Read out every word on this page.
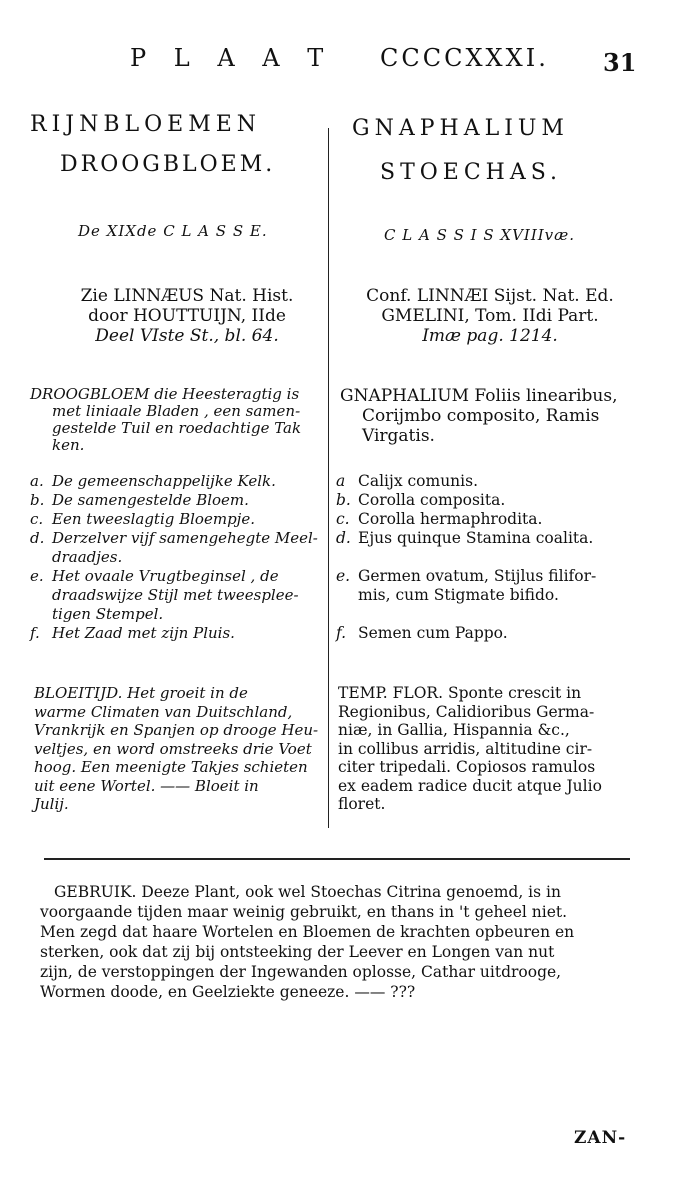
P L A A T CCCCXXXI. 31
RIJNBLOEMEN
DROOGBLOEM.
De XIXde C L A S S E.

Zie LINNÆUS Nat. Hist.

door HOUTTUIJN, IIde

Deel VIste St., bl. 64.

DROOGBLOEM die Heesteragtig is

met liniaale Bladen , een samen-

gestelde Tuil en roedachtige Tak

ken.

a. De gemeenschappelijke Kelk.
b. De samengestelde Bloem.
c. Een tweeslagtig Bloempje.
d. Derzelver vijf samengehegte Meel-

draadjes.

e. Het ovaale Vrugtbeginsel , de

draadswijze Stijl met tweesplee-

tigen Stempel.

f. Het Zaad met zijn Pluis.

BLOEITIJD. Het groeit in de

warme Climaten van Duitschland,

Vrankrijk en Spanjen op drooge Heu-

veltjes, en word omstreeks drie Voet

hoog. Een meenigte Takjes schieten

uit eene Wortel. —— Bloeit in

Julij.

GNAPHALIUM
STOECHAS.
C L A S S I S XVIIIvæ.

Conf. LINNÆI Sijst. Nat. Ed.

GMELINI, Tom. IIdi Part.

Imæ pag. 1214.

GNAPHALIUM Foliis linearibus,

Corijmbo composito, Ramis

Virgatis.

a Calijx comunis.
b. Corolla composita.
c. Corolla hermaphrodita.
d. Ejus quinque Stamina coalita.
e. Germen ovatum, Stijlus filifor-

mis, cum Stigmate bifido.

f. Semen cum Pappo.

TEMP. FLOR. Sponte crescit in

Regionibus, Calidioribus Germa-

niæ, in Gallia, Hispannia &c.,

in collibus arridis, altitudine cir-

citer tripedali. Copiosos ramulos

ex eadem radice ducit atque Julio

floret.

GEBRUIK. Deeze Plant, ook wel Stoechas Citrina genoemd, is in

voorgaande tijden maar weinig gebruikt, en thans in 't geheel niet.

Men zegd dat haare Wortelen en Bloemen de krachten opbeuren en

sterken, ook dat zij bij ontsteeking der Leever en Longen van nut

zijn, de verstoppingen der Ingewanden oplosse, Cathar uitdrooge,

Wormen doode, en Geelziekte geneeze. —— ???

ZAN-
